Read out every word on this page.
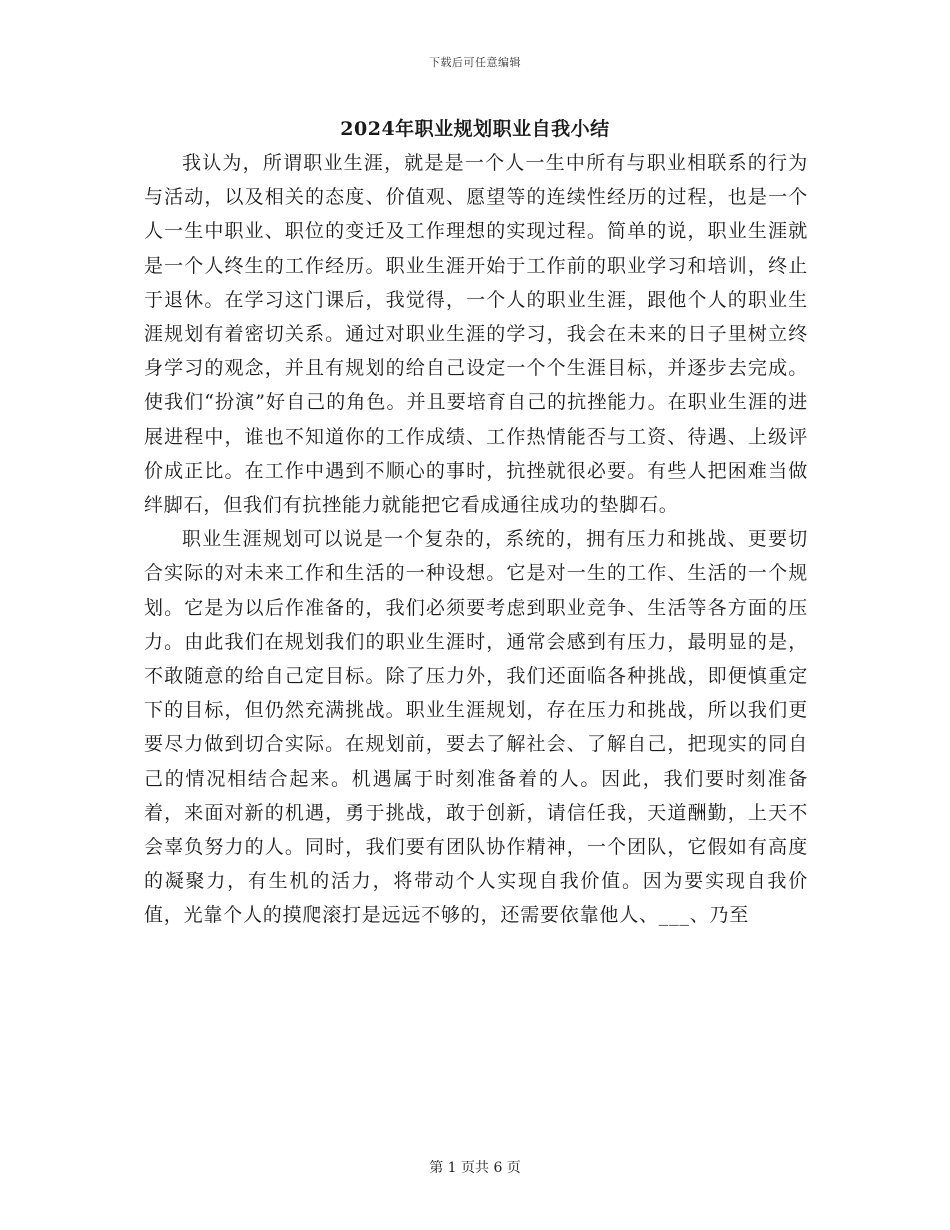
下载后可任意编辑
2024年职业规划职业自我小结

我认为，所谓职业生涯，就是是一个人一生中所有与职业相联系的行为与活动，以及相关的态度、价值观、愿望等的连续性经历的过程，也是一个人一生中职业、职位的变迁及工作理想的实现过程。简单的说，职业生涯就是一个人终生的工作经历。职业生涯开始于工作前的职业学习和培训，终止于退休。在学习这门课后，我觉得，一个人的职业生涯，跟他个人的职业生涯规划有着密切关系。通过对职业生涯的学习，我会在未来的日子里树立终身学习的观念，并且有规划的给自己设定一个个生涯目标，并逐步去完成。使我们“扮演”好自己的角色。并且要培育自己的抗挫能力。在职业生涯的进展进程中，谁也不知道你的工作成绩、工作热情能否与工资、待遇、上级评价成正比。在工作中遇到不顺心的事时，抗挫就很必要。有些人把困难当做绊脚石，但我们有抗挫能力就能把它看成通往成功的垫脚石。

职业生涯规划可以说是一个复杂的，系统的，拥有压力和挑战、更要切合实际的对未来工作和生活的一种设想。它是对一生的工作、生活的一个规划。它是为以后作准备的，我们必须要考虑到职业竞争、生活等各方面的压力。由此我们在规划我们的职业生涯时，通常会感到有压力，最明显的是，不敢随意的给自己定目标。除了压力外，我们还面临各种挑战，即便慎重定下的目标，但仍然充满挑战。职业生涯规划，存在压力和挑战，所以我们更要尽力做到切合实际。在规划前，要去了解社会、了解自己，把现实的同自己的情况相结合起来。机遇属于时刻准备着的人。因此，我们要时刻准备着，来面对新的机遇，勇于挑战，敢于创新，请信任我，天道酬勤，上天不会辜负努力的人。同时，我们要有团队协作精神，一个团队，它假如有高度的凝聚力，有生机的活力，将带动个人实现自我价值。因为要实现自我价值，光靠个人的摸爬滚打是远远不够的，还需要依靠他人、___、乃至

第 1 页共 6 页
